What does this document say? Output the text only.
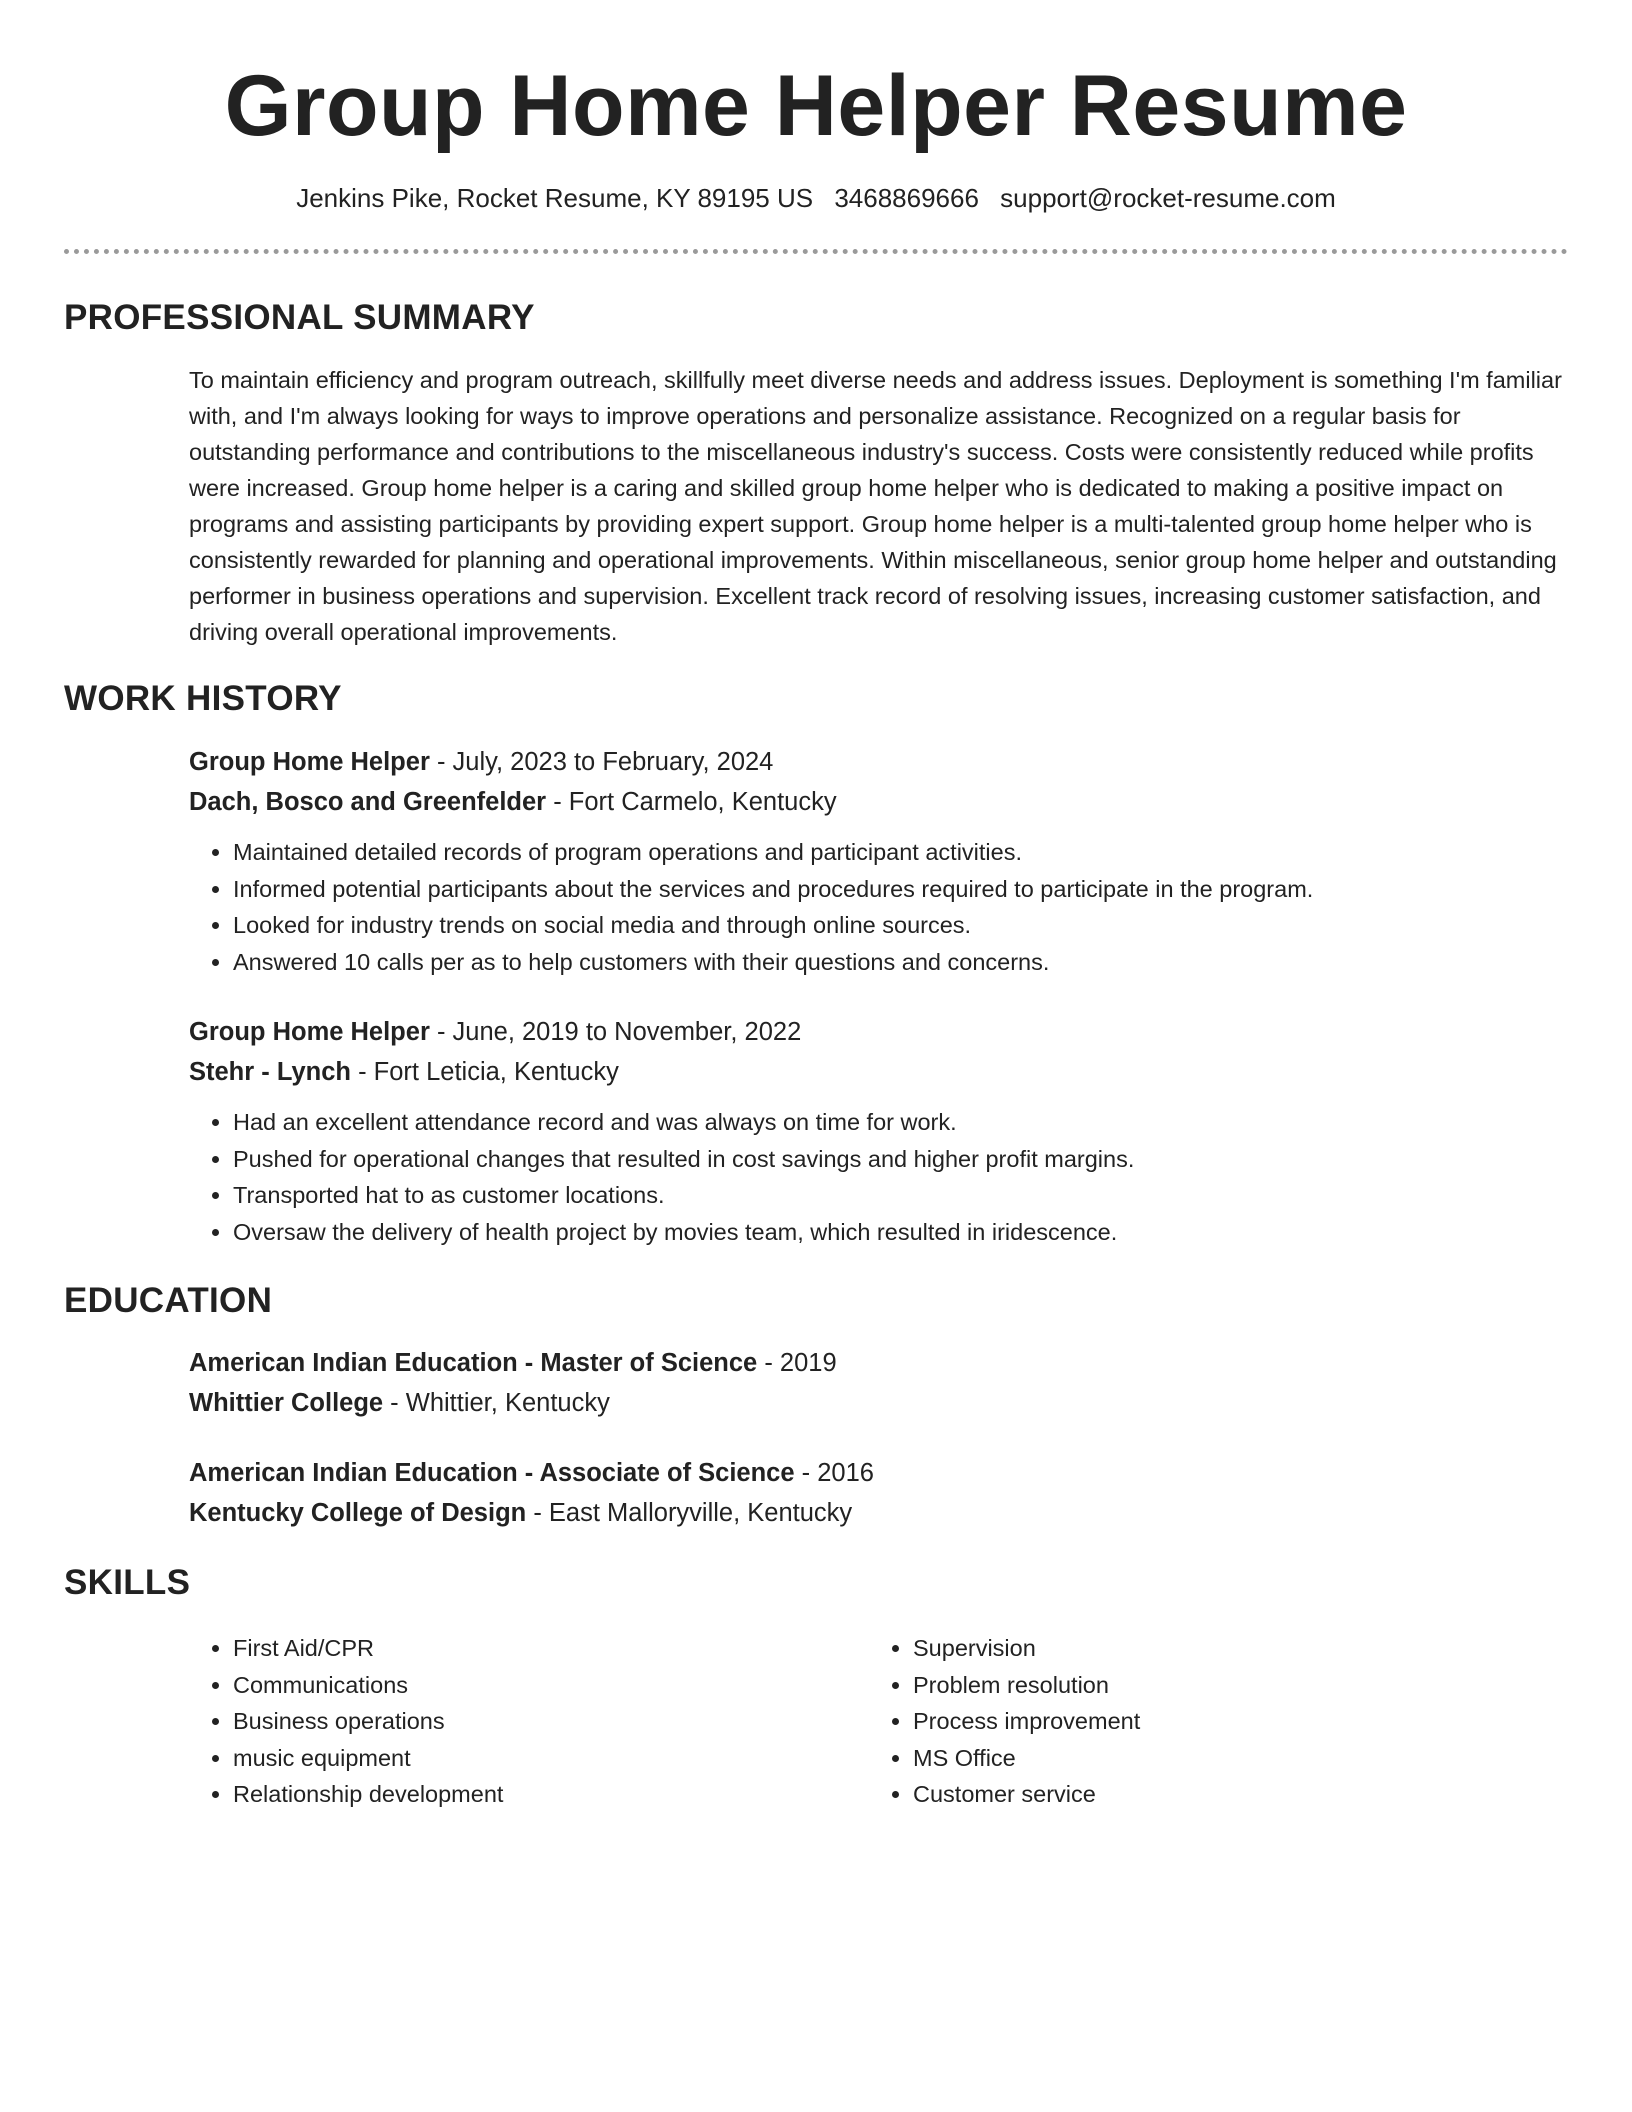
Group Home Helper Resume
Jenkins Pike, Rocket Resume, KY 89195 US 3468869666 support@rocket-resume.com
PROFESSIONAL SUMMARY
To maintain efficiency and program outreach, skillfully meet diverse needs and address issues. Deployment is something I'm familiar with, and I'm always looking for ways to improve operations and personalize assistance. Recognized on a regular basis for outstanding performance and contributions to the miscellaneous industry's success. Costs were consistently reduced while profits were increased. Group home helper is a caring and skilled group home helper who is dedicated to making a positive impact on programs and assisting participants by providing expert support. Group home helper is a multi-talented group home helper who is consistently rewarded for planning and operational improvements. Within miscellaneous, senior group home helper and outstanding performer in business operations and supervision. Excellent track record of resolving issues, increasing customer satisfaction, and driving overall operational improvements.
WORK HISTORY
Group Home Helper - July, 2023 to February, 2024
Dach, Bosco and Greenfelder - Fort Carmelo, Kentucky
• Maintained detailed records of program operations and participant activities.
• Informed potential participants about the services and procedures required to participate in the program.
• Looked for industry trends on social media and through online sources.
• Answered 10 calls per as to help customers with their questions and concerns.
Group Home Helper - June, 2019 to November, 2022
Stehr - Lynch - Fort Leticia, Kentucky
• Had an excellent attendance record and was always on time for work.
• Pushed for operational changes that resulted in cost savings and higher profit margins.
• Transported hat to as customer locations.
• Oversaw the delivery of health project by movies team, which resulted in iridescence.
EDUCATION
American Indian Education - Master of Science - 2019
Whittier College - Whittier, Kentucky
American Indian Education - Associate of Science - 2016
Kentucky College of Design - East Malloryville, Kentucky
SKILLS
• First Aid/CPR
• Communications
• Business operations
• music equipment
• Relationship development
• Supervision
• Problem resolution
• Process improvement
• MS Office
• Customer service
